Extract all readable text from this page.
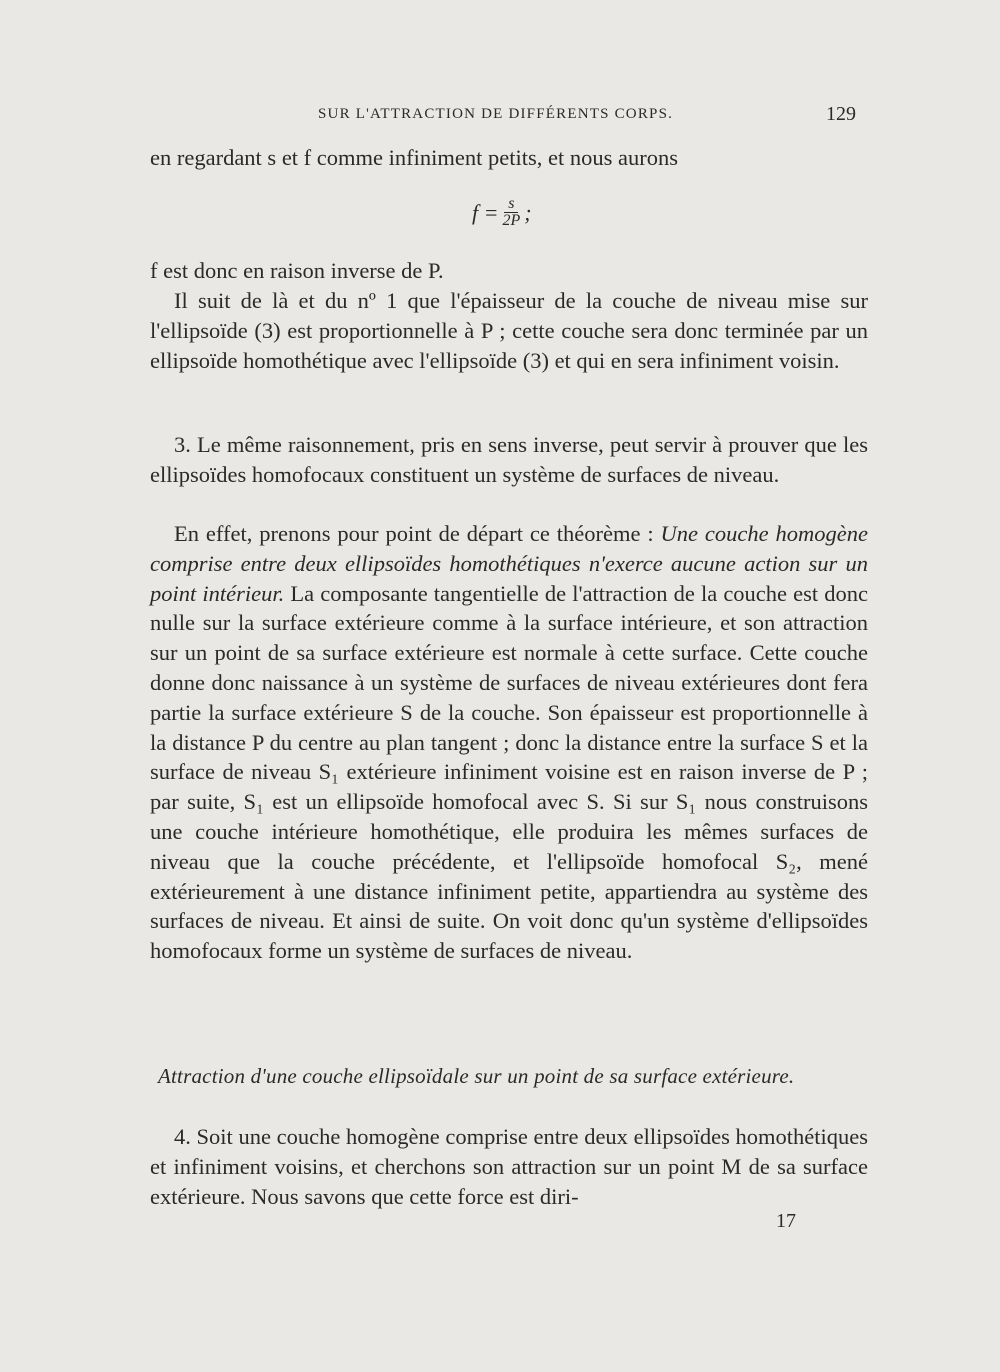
SUR L'ATTRACTION DE DIFFÉRENTS CORPS.	129

en regardant s et f comme infiniment petits, et nous aurons

$f = \frac{s}{2P}$ ;

f est donc en raison inverse de P.

Il suit de là et du nº 1 que l'épaisseur de la couche de niveau mise sur l'ellipsoïde (3) est proportionnelle à P ; cette couche sera donc terminée par un ellipsoïde homothétique avec l'ellipsoïde (3) et qui en sera infiniment voisin.

3. Le même raisonnement, pris en sens inverse, peut servir à prouver que les ellipsoïdes homofocaux constituent un système de surfaces de niveau.

En effet, prenons pour point de départ ce théorème : Une couche homogène comprise entre deux ellipsoïdes homothétiques n'exerce aucune action sur un point intérieur. La composante tangentielle de l'attraction de la couche est donc nulle sur la surface extérieure comme à la surface intérieure, et son attraction sur un point de sa surface extérieure est normale à cette surface. Cette couche donne donc naissance à un système de surfaces de niveau extérieures dont fera partie la surface extérieure S de la couche. Son épaisseur est proportionnelle à la distance P du centre au plan tangent ; donc la distance entre la surface S et la surface de niveau S₁ extérieure infiniment voisine est en raison inverse de P ; par suite, S₁ est un ellipsoïde homofocal avec S. Si sur S₁ nous construisons une couche intérieure homothétique, elle produira les mêmes surfaces de niveau que la couche précédente, et l'ellipsoïde homofocal S₂, mené extérieurement à une distance infiniment petite, appartiendra au système des surfaces de niveau. Et ainsi de suite. On voit donc qu'un système d'ellipsoïdes homofocaux forme un système de surfaces de niveau.

Attraction d'une couche ellipsoïdale sur un point de sa surface extérieure.

4. Soit une couche homogène comprise entre deux ellipsoïdes homothétiques et infiniment voisins, et cherchons son attraction sur un point M de sa surface extérieure. Nous savons que cette force est diri-

17
